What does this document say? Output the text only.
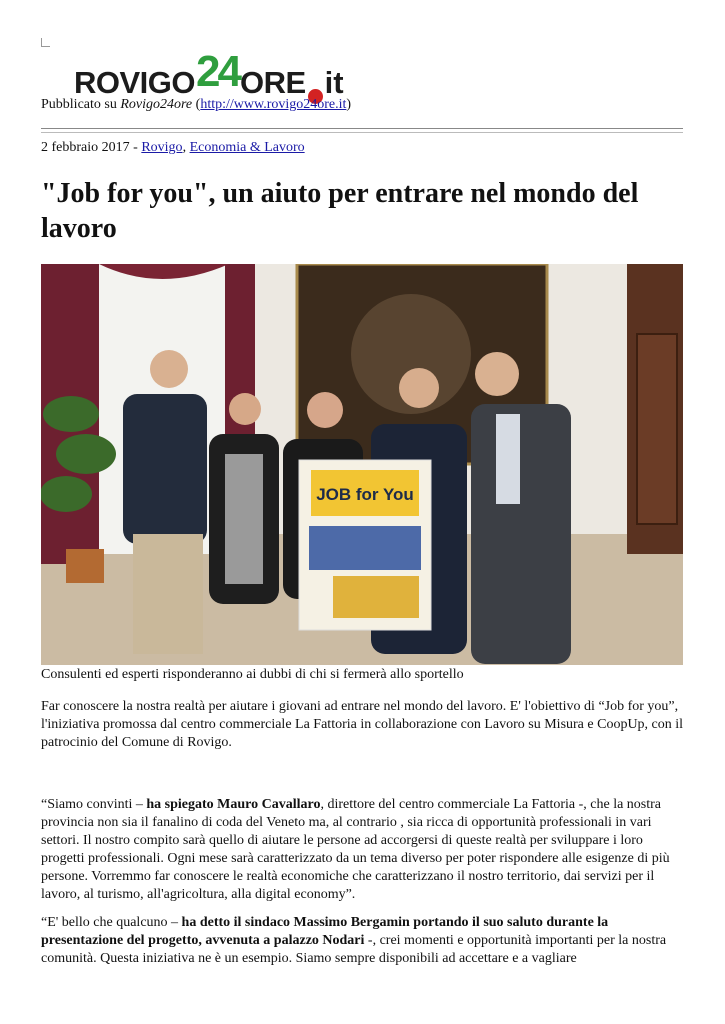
ROVIGO 24 ORE it
Pubblicato su Rovigo24ore (http://www.rovigo24ore.it)
2 febbraio 2017 - Rovigo, Economia & Lavoro
"Job for you", un aiuto per entrare nel mondo del lavoro
JOB for You
Consulenti ed esperti risponderanno ai dubbi di chi si fermerà allo sportello

Far conoscere la nostra realtà per aiutare i giovani ad entrare nel mondo del lavoro. E' l'obiettivo di “Job for you”, l'iniziativa promossa dal centro commerciale La Fattoria in collaborazione con Lavoro su Misura e CoopUp, con il patrocinio del Comune di Rovigo.

“Siamo convinti – ha spiegato Mauro Cavallaro, direttore del centro commerciale La Fattoria -, che la nostra provincia non sia il fanalino di coda del Veneto ma, al contrario , sia ricca di opportunità professionali in vari settori. Il nostro compito sarà quello di aiutare le persone ad accorgersi di queste realtà per sviluppare i loro progetti professionali. Ogni mese sarà caratterizzato da un tema diverso per poter rispondere alle esigenze di più persone. Vorremmo far conoscere le realtà economiche che caratterizzano il nostro territorio, dai servizi per il lavoro, al turismo, all'agricoltura, alla digital economy”.

“E' bello che qualcuno – ha detto il sindaco Massimo Bergamin portando il suo saluto durante la presentazione del progetto, avvenuta a palazzo Nodari -, crei momenti e opportunità importanti per la nostra comunità. Questa iniziativa ne è un esempio. Siamo sempre disponibili ad accettare e a vagliare
